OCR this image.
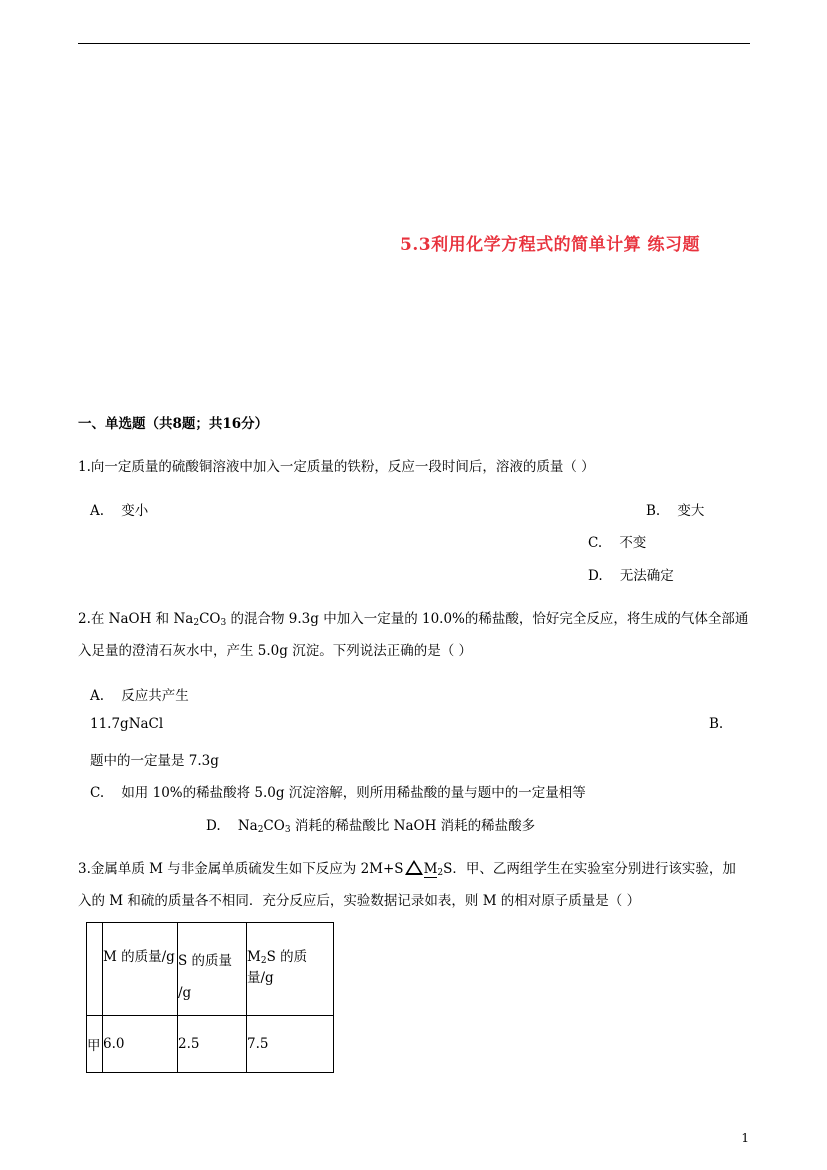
5.3利用化学方程式的简单计算 练习题
一、单选题（共8题；共16分）
1.向一定质量的硫酸铜溶液中加入一定质量的铁粉，反应一段时间后，溶液的质量（ ）
A. 变小	B. 变大
C. 不变
D. 无法确定
2.在 NaOH 和 $Na_2CO_3$ 的混合物 9.3g 中加入一定量的 10.0%的稀盐酸，恰好完全反应，将生成的气体全部通
入足量的澄清石灰水中，产生 5.0g 沉淀。下列说法正确的是（ ）
A. 反应共产生
11.7gNaCl	B.
题中的一定量是 7.3g
C. 如用 10%的稀盐酸将 5.0g 沉淀溶解，则所用稀盐酸的量与题中的一定量相等
D. $Na_2CO_3$ 消耗的稀盐酸比 NaOH 消耗的稀盐酸多
3.金属单质 M 与非金属单质硫发生如下反应为 2M+S $M_2S$．甲、乙两组学生在实验室分别进行该实验，加
入的 M 和硫的质量各不相同．充分反应后，实验数据记录如表，则 M 的相对原子质量是（ ）
	M 的质量/g	S 的质量
/g	$M_2S$ 的质量/g
甲	6.0	2.5	7.5
1
